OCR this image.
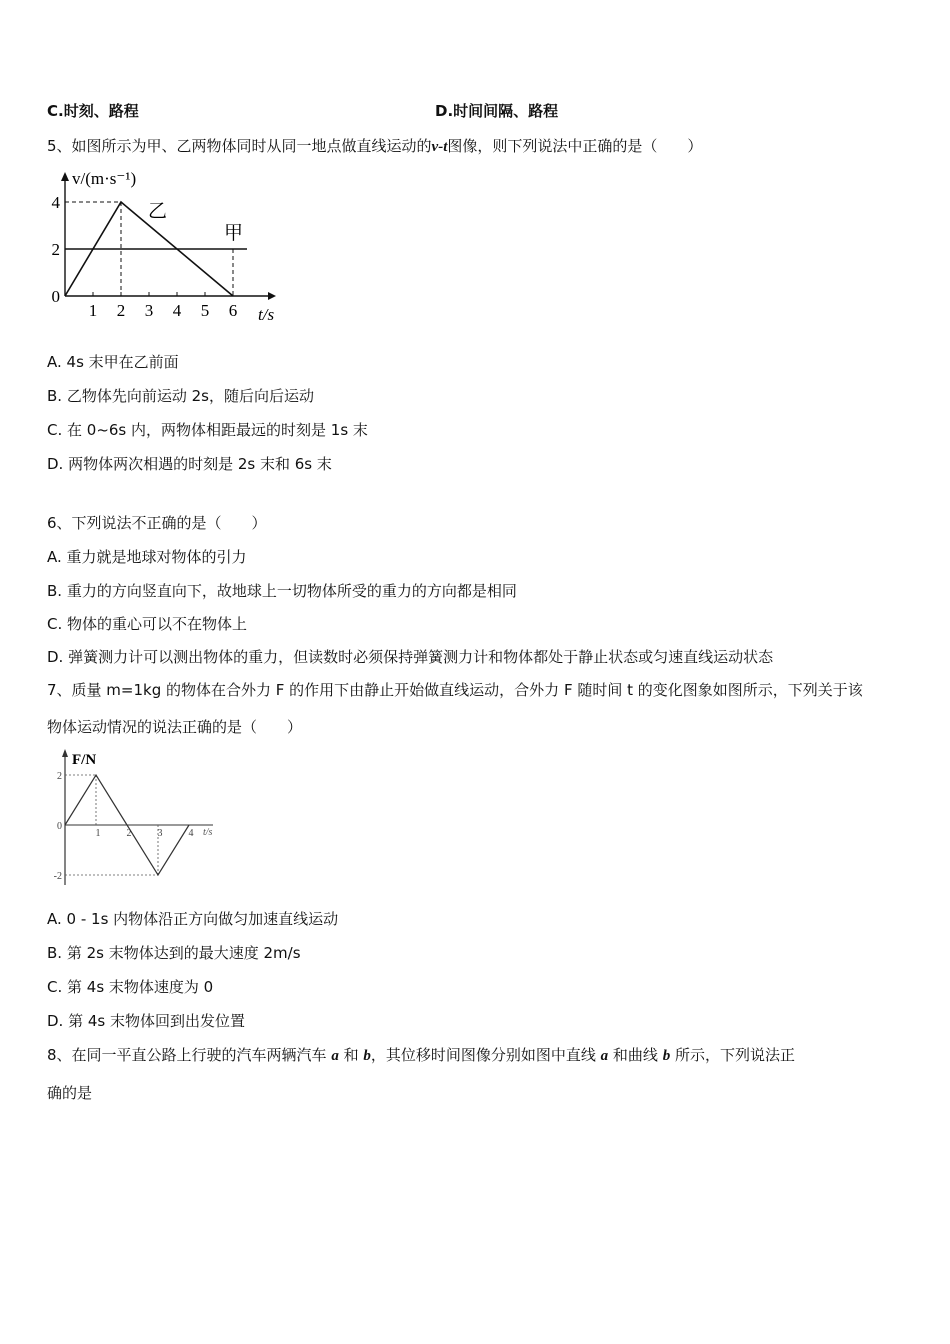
C.时刻、路程	D.时间间隔、路程
5、如图所示为甲、乙两物体同时从同一地点做直线运动的v-t图像，则下列说法中正确的是（　　）
v/(m·s⁻¹)
t/s
1 2 3 4 5 6
0
2
4	乙
甲
A. 4s 末甲在乙前面
B. 乙物体先向前运动 2s，随后向后运动
C. 在 0~6s 内，两物体相距最远的时刻是 1s 末
D. 两物体两次相遇的时刻是 2s 末和 6s 末
6、下列说法不正确的是（　　）
A. 重力就是地球对物体的引力
B. 重力的方向竖直向下，故地球上一切物体所受的重力的方向都是相同
C. 物体的重心可以不在物体上
D. 弹簧测力计可以测出物体的重力，但读数时必须保持弹簧测力计和物体都处于静止状态或匀速直线运动状态
7、质量 m=1kg 的物体在合外力 F 的作用下由静止开始做直线运动，合外力 F 随时间 t 的变化图象如图所示，下列关于该
物体运动情况的说法正确的是（　　）
F/N
t/s
2
0
-2
1	2	3	4
A. 0 - 1s 内物体沿正方向做匀加速直线运动
B. 第 2s 末物体达到的最大速度 2m/s
C. 第 4s 末物体速度为 0
D. 第 4s 末物体回到出发位置
8、在同一平直公路上行驶的汽车两辆汽车 a 和 b，其位移时间图像分别如图中直线 a 和曲线 b 所示，下列说法正
确的是
